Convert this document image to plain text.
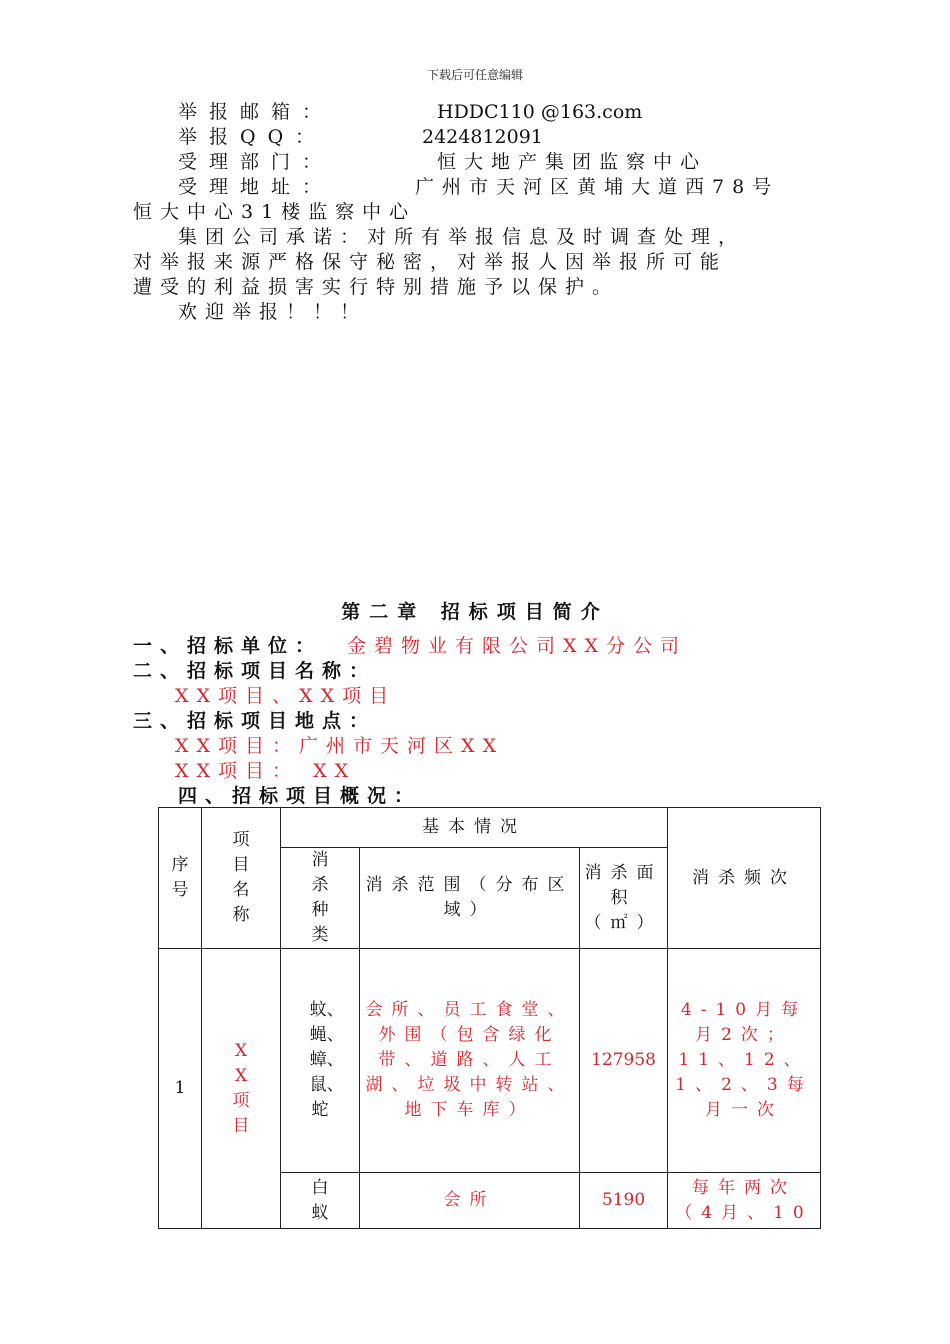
下载后可任意编辑
举报邮箱：	HDDC110 @163.com
举报QQ：	2424812091
受理部门：	恒大地产集团监察中心
受理地址：	广州市天河区黄埔大道西78号
恒大中心31楼监察中心
集团公司承诺：对所有举报信息及时调查处理，
对举报来源严格保守秘密，对举报人因举报所可能
遭受的利益损害实行特别措施予以保护。
欢迎举报！！！
第二章 招标项目简介
一、招标单位： 金碧物业有限公司XX分公司
二、招标项目名称：
XX项目、XX项目
三、招标项目地点：
XX项目：广州市天河区XX
XX项目： XX
四、招标项目概况：
序号	项目名称	基本情况			消杀频次
		消杀种类	消杀范围（分布区域）	消杀面积（㎡）	
1	XX项目	蚊、蝇、蟑、鼠、蛇	会所、员工食堂、外围（包含绿化带、道路、人工湖、垃圾中转站、地下车库）	127958	4-10月每月2次；11、12、1、2、3每月一次
		白蚁	会所	5190	每年两次（4月、10
